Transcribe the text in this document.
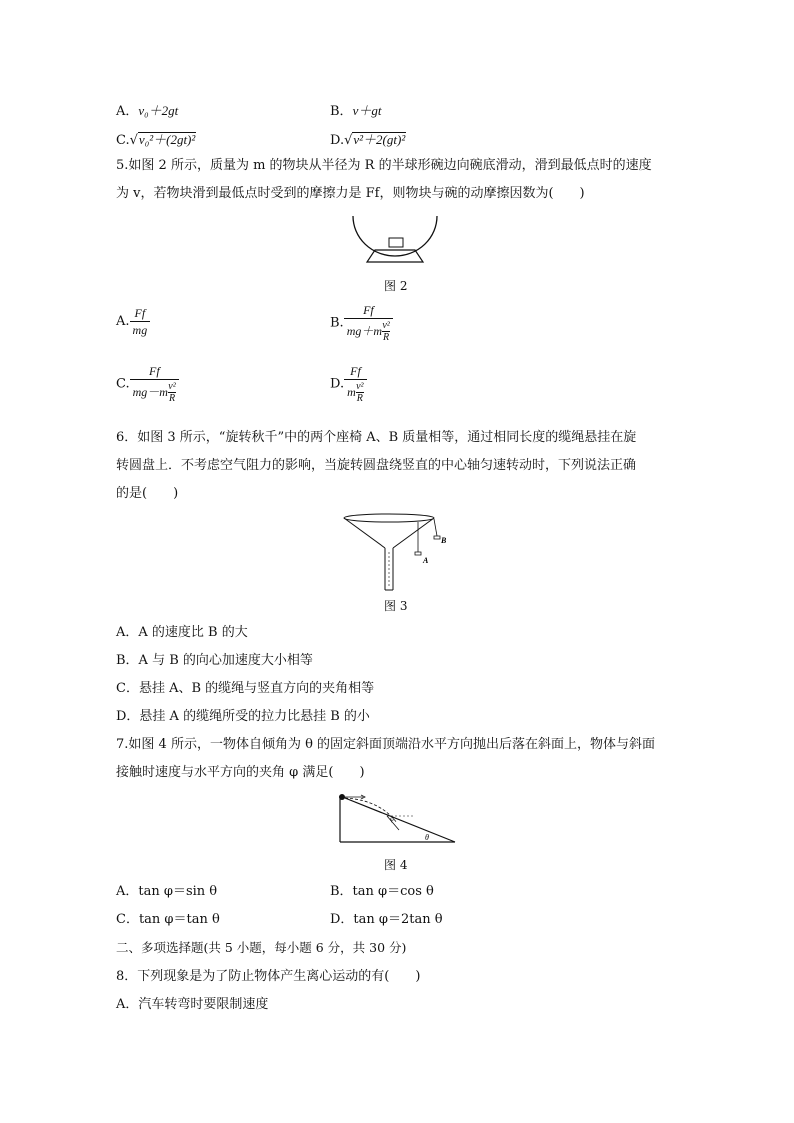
A．v₀＋2gt	B．v＋gt
C.√v₀²＋(2gt)²	D.√v²＋2(gt)²
5.如图 2 所示，质量为 m 的物块从半径为 R 的半球形碗边向碗底滑动，滑到最低点时的速度
为 v，若物块滑到最低点时受到的摩擦力是 Ff，则物块与碗的动摩擦因数为(　　)
图 2
A. $\frac{Ff}{mg}$	B. $\frac{Ff}{mg+m \frac{\text{v²}}{R}}$
C. $\frac{Ff}{mg-m \frac{\text{v²}}{R}}$	D. $\frac{Ff}{m \frac{\text{v²}}{R}}$
6．如图 3 所示，“旋转秋千”中的两个座椅 A、B 质量相等，通过相同长度的缆绳悬挂在旋
转圆盘上．不考虑空气阻力的影响，当旋转圆盘绕竖直的中心轴匀速转动时，下列说法正确
的是(　　)
A
B
图 3
A．A 的速度比 B 的大
B．A 与 B 的向心加速度大小相等
C．悬挂 A、B 的缆绳与竖直方向的夹角相等
D．悬挂 A 的缆绳所受的拉力比悬挂 B 的小
7.如图 4 所示，一物体自倾角为 θ 的固定斜面顶端沿水平方向抛出后落在斜面上，物体与斜面
接触时速度与水平方向的夹角 φ 满足(　　)
θ
φ
图 4
A．tan φ＝sin θ	B．tan φ＝cos θ
C．tan φ＝tan θ	D．tan φ＝2tan θ
二、多项选择题(共 5 小题，每小题 6 分，共 30 分)
8．下列现象是为了防止物体产生离心运动的有(　　)
A．汽车转弯时要限制速度
